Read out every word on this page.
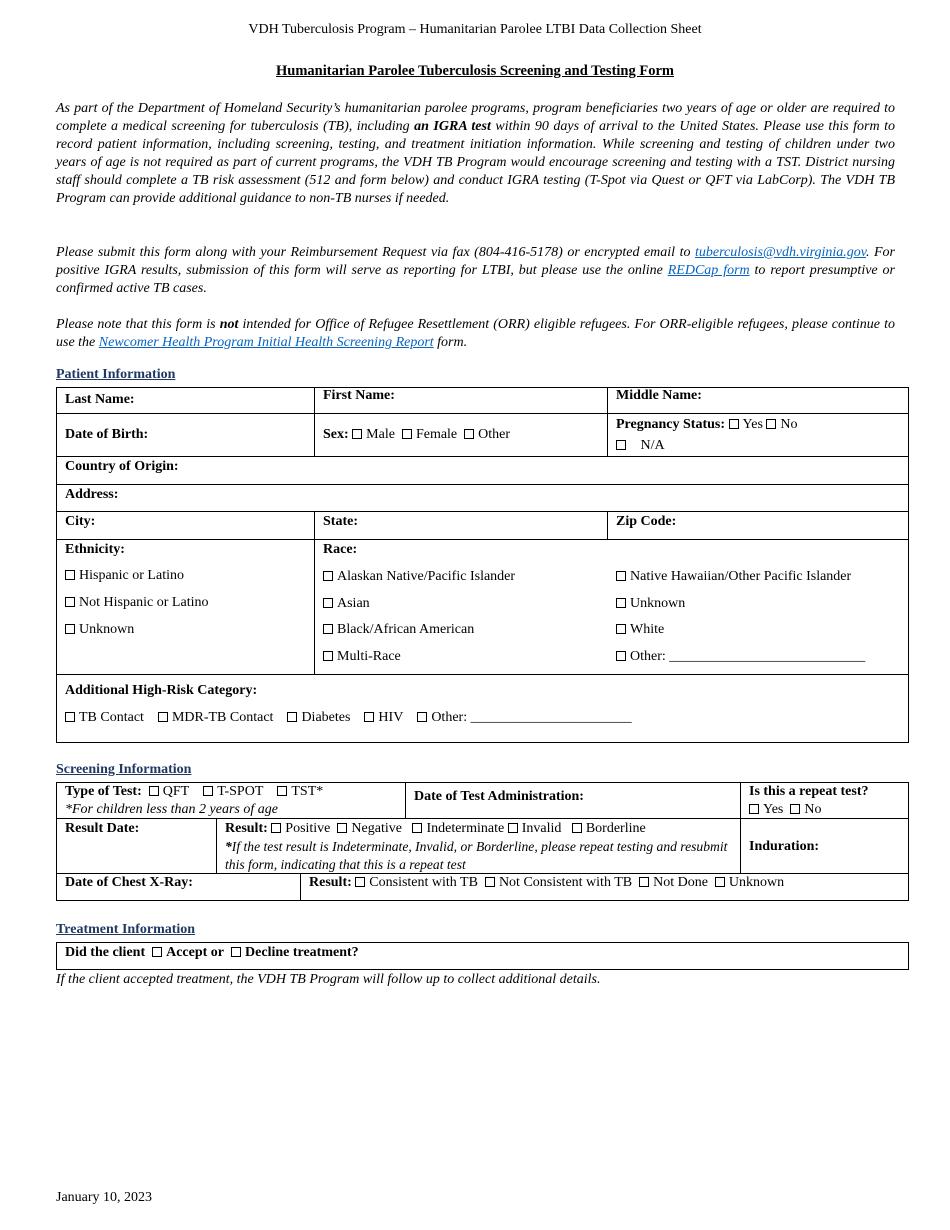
VDH Tuberculosis Program – Humanitarian Parolee LTBI Data Collection Sheet
Humanitarian Parolee Tuberculosis Screening and Testing Form
As part of the Department of Homeland Security’s humanitarian parolee programs, program beneficiaries two years of age or older are required to complete a medical screening for tuberculosis (TB), including an IGRA test within 90 days of arrival to the United States. Please use this form to record patient information, including screening, testing, and treatment initiation information. While screening and testing of children under two years of age is not required as part of current programs, the VDH TB Program would encourage screening and testing with a TST. District nursing staff should complete a TB risk assessment (512 and form below) and conduct IGRA testing (T-Spot via Quest or QFT via LabCorp). The VDH TB Program can provide additional guidance to non-TB nurses if needed.
Please submit this form along with your Reimbursement Request via fax (804-416-5178) or encrypted email to tuberculosis@vdh.virginia.gov. For positive IGRA results, submission of this form will serve as reporting for LTBI, but please use the online REDCap form to report presumptive or confirmed active TB cases.
Please note that this form is not intended for Office of Refugee Resettlement (ORR) eligible refugees. For ORR-eligible refugees, please continue to use the Newcomer Health Program Initial Health Screening Report form.
Patient Information
Last Name:	First Name:	Middle Name:
Date of Birth:	Sex: Male Female Other
Pregnancy Status: Yes No
N/A
Country of Origin:
Address:
City:	State:	Zip Code:
Ethnicity:
Hispanic or Latino
Not Hispanic or Latino
Unknown
Race:
Alaskan Native/Pacific Islander
Asian
Black/African American
Multi-Race
Native Hawaiian/Other Pacific Islander
Unknown
White
Other: ____________________________
Additional High-Risk Category:
TB Contact MDR-TB Contact Diabetes HIV Other: _______________________
Screening Information
Type of Test: QFT T-SPOT TST*
*For children less than 2 years of age
Date of Test Administration:	Is this a repeat test?
Yes No
Result Date:	Result: Positive Negative Indeterminate Invalid Borderline
*If the test result is Indeterminate, Invalid, or Borderline, please repeat testing and resubmit this form, indicating that this is a repeat test
Induration:
Date of Chest X-Ray:	Result: Consistent with TB Not Consistent with TB Not Done Unknown
Treatment Information
Did the client Accept or Decline treatment?
If the client accepted treatment, the VDH TB Program will follow up to collect additional details.
January 10, 2023
